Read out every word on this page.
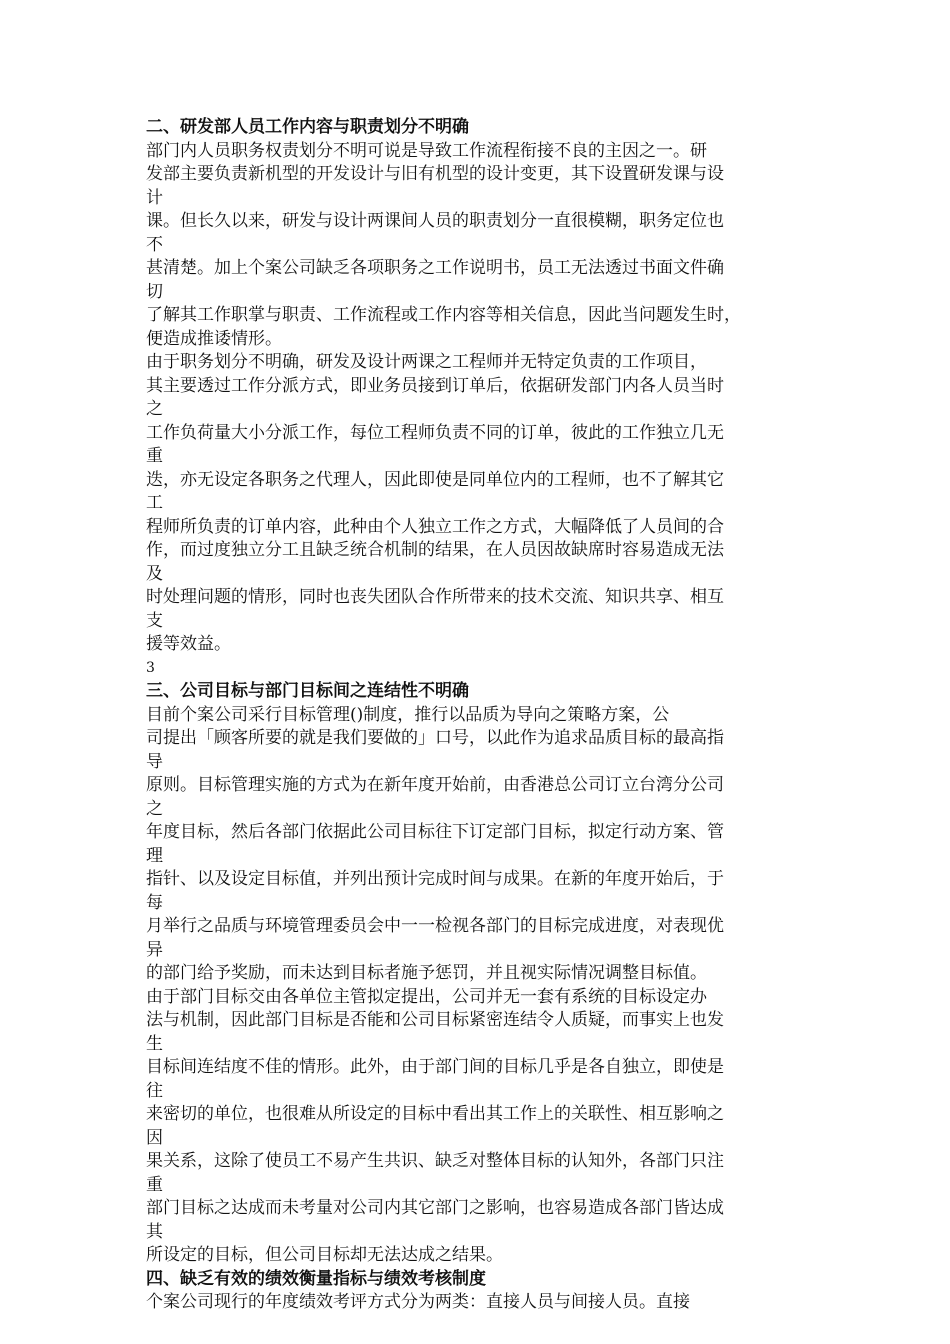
二、研发部人员工作内容与职责划分不明确
部门内人员职务权责划分不明可说是导致工作流程衔接不良的主因之一。研
发部主要负责新机型的开发设计与旧有机型的设计变更，其下设置研发课与设
计
课。但长久以来，研发与设计两课间人员的职责划分一直很模糊，职务定位也
不
甚清楚。加上个案公司缺乏各项职务之工作说明书，员工无法透过书面文件确
切
了解其工作职掌与职责、工作流程或工作内容等相关信息，因此当问题发生时，
便造成推诿情形。
由于职务划分不明确，研发及设计两课之工程师并无特定负责的工作项目，
其主要透过工作分派方式，即业务员接到订单后，依据研发部门内各人员当时
之
工作负荷量大小分派工作，每位工程师负责不同的订单，彼此的工作独立几无
重
迭，亦无设定各职务之代理人，因此即使是同单位内的工程师，也不了解其它
工
程师所负责的订单内容，此种由个人独立工作之方式，大幅降低了人员间的合
作，而过度独立分工且缺乏统合机制的结果，在人员因故缺席时容易造成无法
及
时处理问题的情形，同时也丧失团队合作所带来的技术交流、知识共享、相互
支
援等效益。
3
三、公司目标与部门目标间之连结性不明确
目前个案公司采行目标管理()制度，推行以品质为导向之策略方案，公
司提出「顾客所要的就是我们要做的」口号，以此作为追求品质目标的最高指
导
原则。目标管理实施的方式为在新年度开始前，由香港总公司订立台湾分公司
之
年度目标，然后各部门依据此公司目标往下订定部门目标，拟定行动方案、管
理
指针、以及设定目标值，并列出预计完成时间与成果。在新的年度开始后，于
每
月举行之品质与环境管理委员会中一一检视各部门的目标完成进度，对表现优
异
的部门给予奖励，而未达到目标者施予惩罚，并且视实际情况调整目标值。
由于部门目标交由各单位主管拟定提出，公司并无一套有系统的目标设定办
法与机制，因此部门目标是否能和公司目标紧密连结令人质疑，而事实上也发
生
目标间连结度不佳的情形。此外，由于部门间的目标几乎是各自独立，即使是
往
来密切的单位，也很难从所设定的目标中看出其工作上的关联性、相互影响之
因
果关系，这除了使员工不易产生共识、缺乏对整体目标的认知外，各部门只注
重
部门目标之达成而未考量对公司内其它部门之影响，也容易造成各部门皆达成
其
所设定的目标，但公司目标却无法达成之结果。
四、缺乏有效的绩效衡量指标与绩效考核制度
个案公司现行的年度绩效考评方式分为两类：直接人员与间接人员。直接
